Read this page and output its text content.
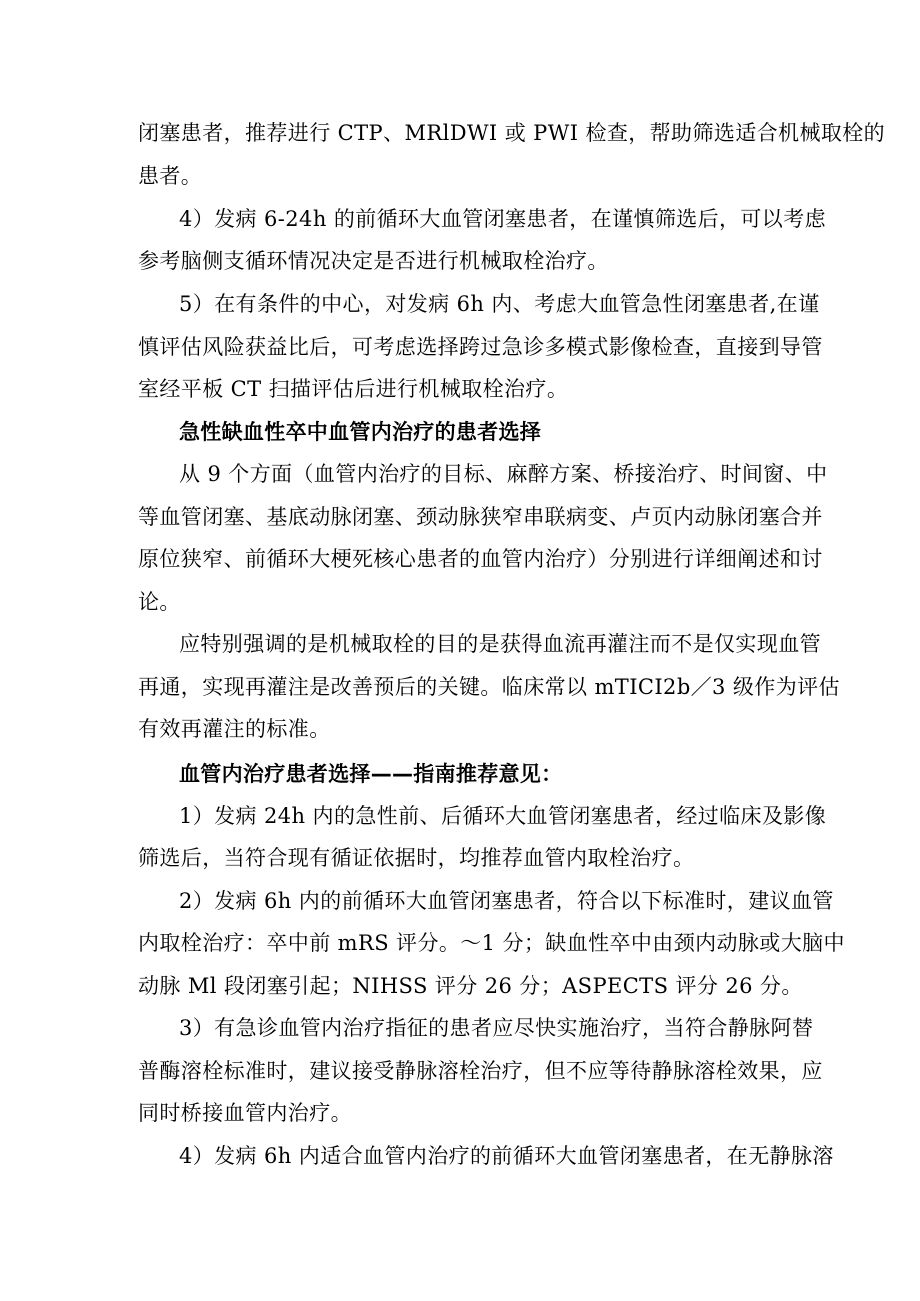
闭塞患者，推荐进行 CTP、MRlDWI 或 PWI 检查，帮助筛选适合机械取栓的
患者。
4）发病 6-24h 的前循环大血管闭塞患者，在谨慎筛选后，可以考虑
参考脑侧支循环情况决定是否进行机械取栓治疗。
5）在有条件的中心，对发病 6h 内、考虑大血管急性闭塞患者,在谨
慎评估风险获益比后，可考虑选择跨过急诊多模式影像检查，直接到导管
室经平板 CT 扫描评估后进行机械取栓治疗。
急性缺血性卒中血管内治疗的患者选择
从 9 个方面（血管内治疗的目标、麻醉方案、桥接治疗、时间窗、中
等血管闭塞、基底动脉闭塞、颈动脉狭窄串联病变、卢页内动脉闭塞合并
原位狭窄、前循环大梗死核心患者的血管内治疗）分别进行详细阐述和讨
论。
应特别强调的是机械取栓的目的是获得血流再灌注而不是仅实现血管
再通，实现再灌注是改善预后的关键。临床常以 mTICI2b／3 级作为评估
有效再灌注的标准。
血管内治疗患者选择——指南推荐意见：
1）发病 24h 内的急性前、后循环大血管闭塞患者，经过临床及影像
筛选后，当符合现有循证依据时，均推荐血管内取栓治疗。
2）发病 6h 内的前循环大血管闭塞患者，符合以下标准时，建议血管
内取栓治疗：卒中前 mRS 评分。～1 分；缺血性卒中由颈内动脉或大脑中
动脉 Ml 段闭塞引起；NIHSS 评分 26 分；ASPECTS 评分 26 分。
3）有急诊血管内治疗指征的患者应尽快实施治疗，当符合静脉阿替
普酶溶栓标准时，建议接受静脉溶栓治疗，但不应等待静脉溶栓效果，应
同时桥接血管内治疗。
4）发病 6h 内适合血管内治疗的前循环大血管闭塞患者，在无静脉溶
